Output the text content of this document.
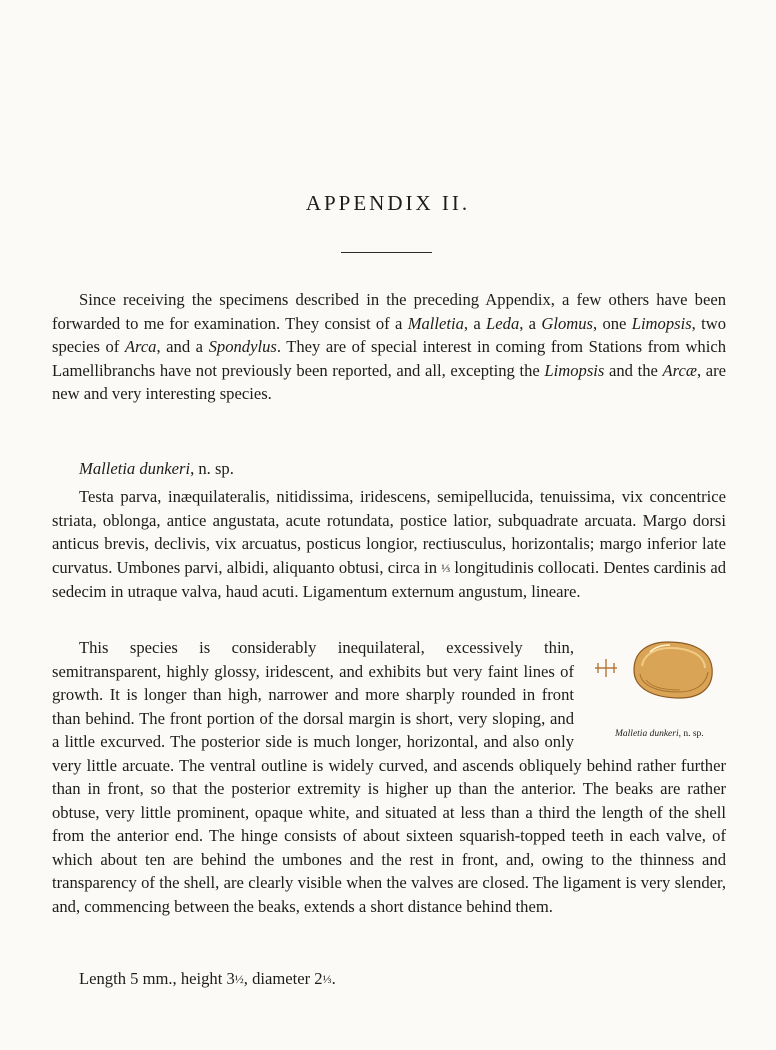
APPENDIX II.
Since receiving the specimens described in the preceding Appendix, a few others have been forwarded to me for examination. They consist of a Malletia, a Leda, a Glomus, one Limopsis, two species of Arca, and a Spondylus. They are of special interest in coming from Stations from which Lamellibranchs have not previously been reported, and all, excepting the Limopsis and the Arcæ, are new and very interesting species.
Malletia dunkeri, n. sp.
Testa parva, inæquilateralis, nitidissima, iridescens, semipellucida, tenuissima, vix concentrice striata, oblonga, antice angustata, acute rotundata, postice latior, subquadrate arcuata. Margo dorsi anticus brevis, declivis, vix arcuatus, posticus longior, rectiusculus, horizontalis; margo inferior late curvatus. Umbones parvi, albidi, aliquanto obtusi, circa in ⅓ longitudinis collocati. Dentes cardinis ad sedecim in utraque valva, haud acuti. Ligamentum externum angustum, lineare.
Malletia dunkeri, n. sp.
This species is considerably inequilateral, excessively thin, semitransparent, highly glossy, iridescent, and exhibits but very faint lines of growth. It is longer than high, narrower and more sharply rounded in front than behind. The front portion of the dorsal margin is short, very sloping, and a little excurved. The posterior side is much longer, horizontal, and also only very little arcuate. The ventral outline is widely curved, and ascends obliquely behind rather further than in front, so that the posterior extremity is higher up than the anterior. The beaks are rather obtuse, very little prominent, opaque white, and situated at less than a third the length of the shell from the anterior end. The hinge consists of about sixteen squarish-topped teeth in each valve, of which about ten are behind the umbones and the rest in front, and, owing to the thinness and transparency of the shell, are clearly visible when the valves are closed. The ligament is very slender, and, commencing between the beaks, extends a short distance behind them.
Length 5 mm., height 3½, diameter 2⅓.
